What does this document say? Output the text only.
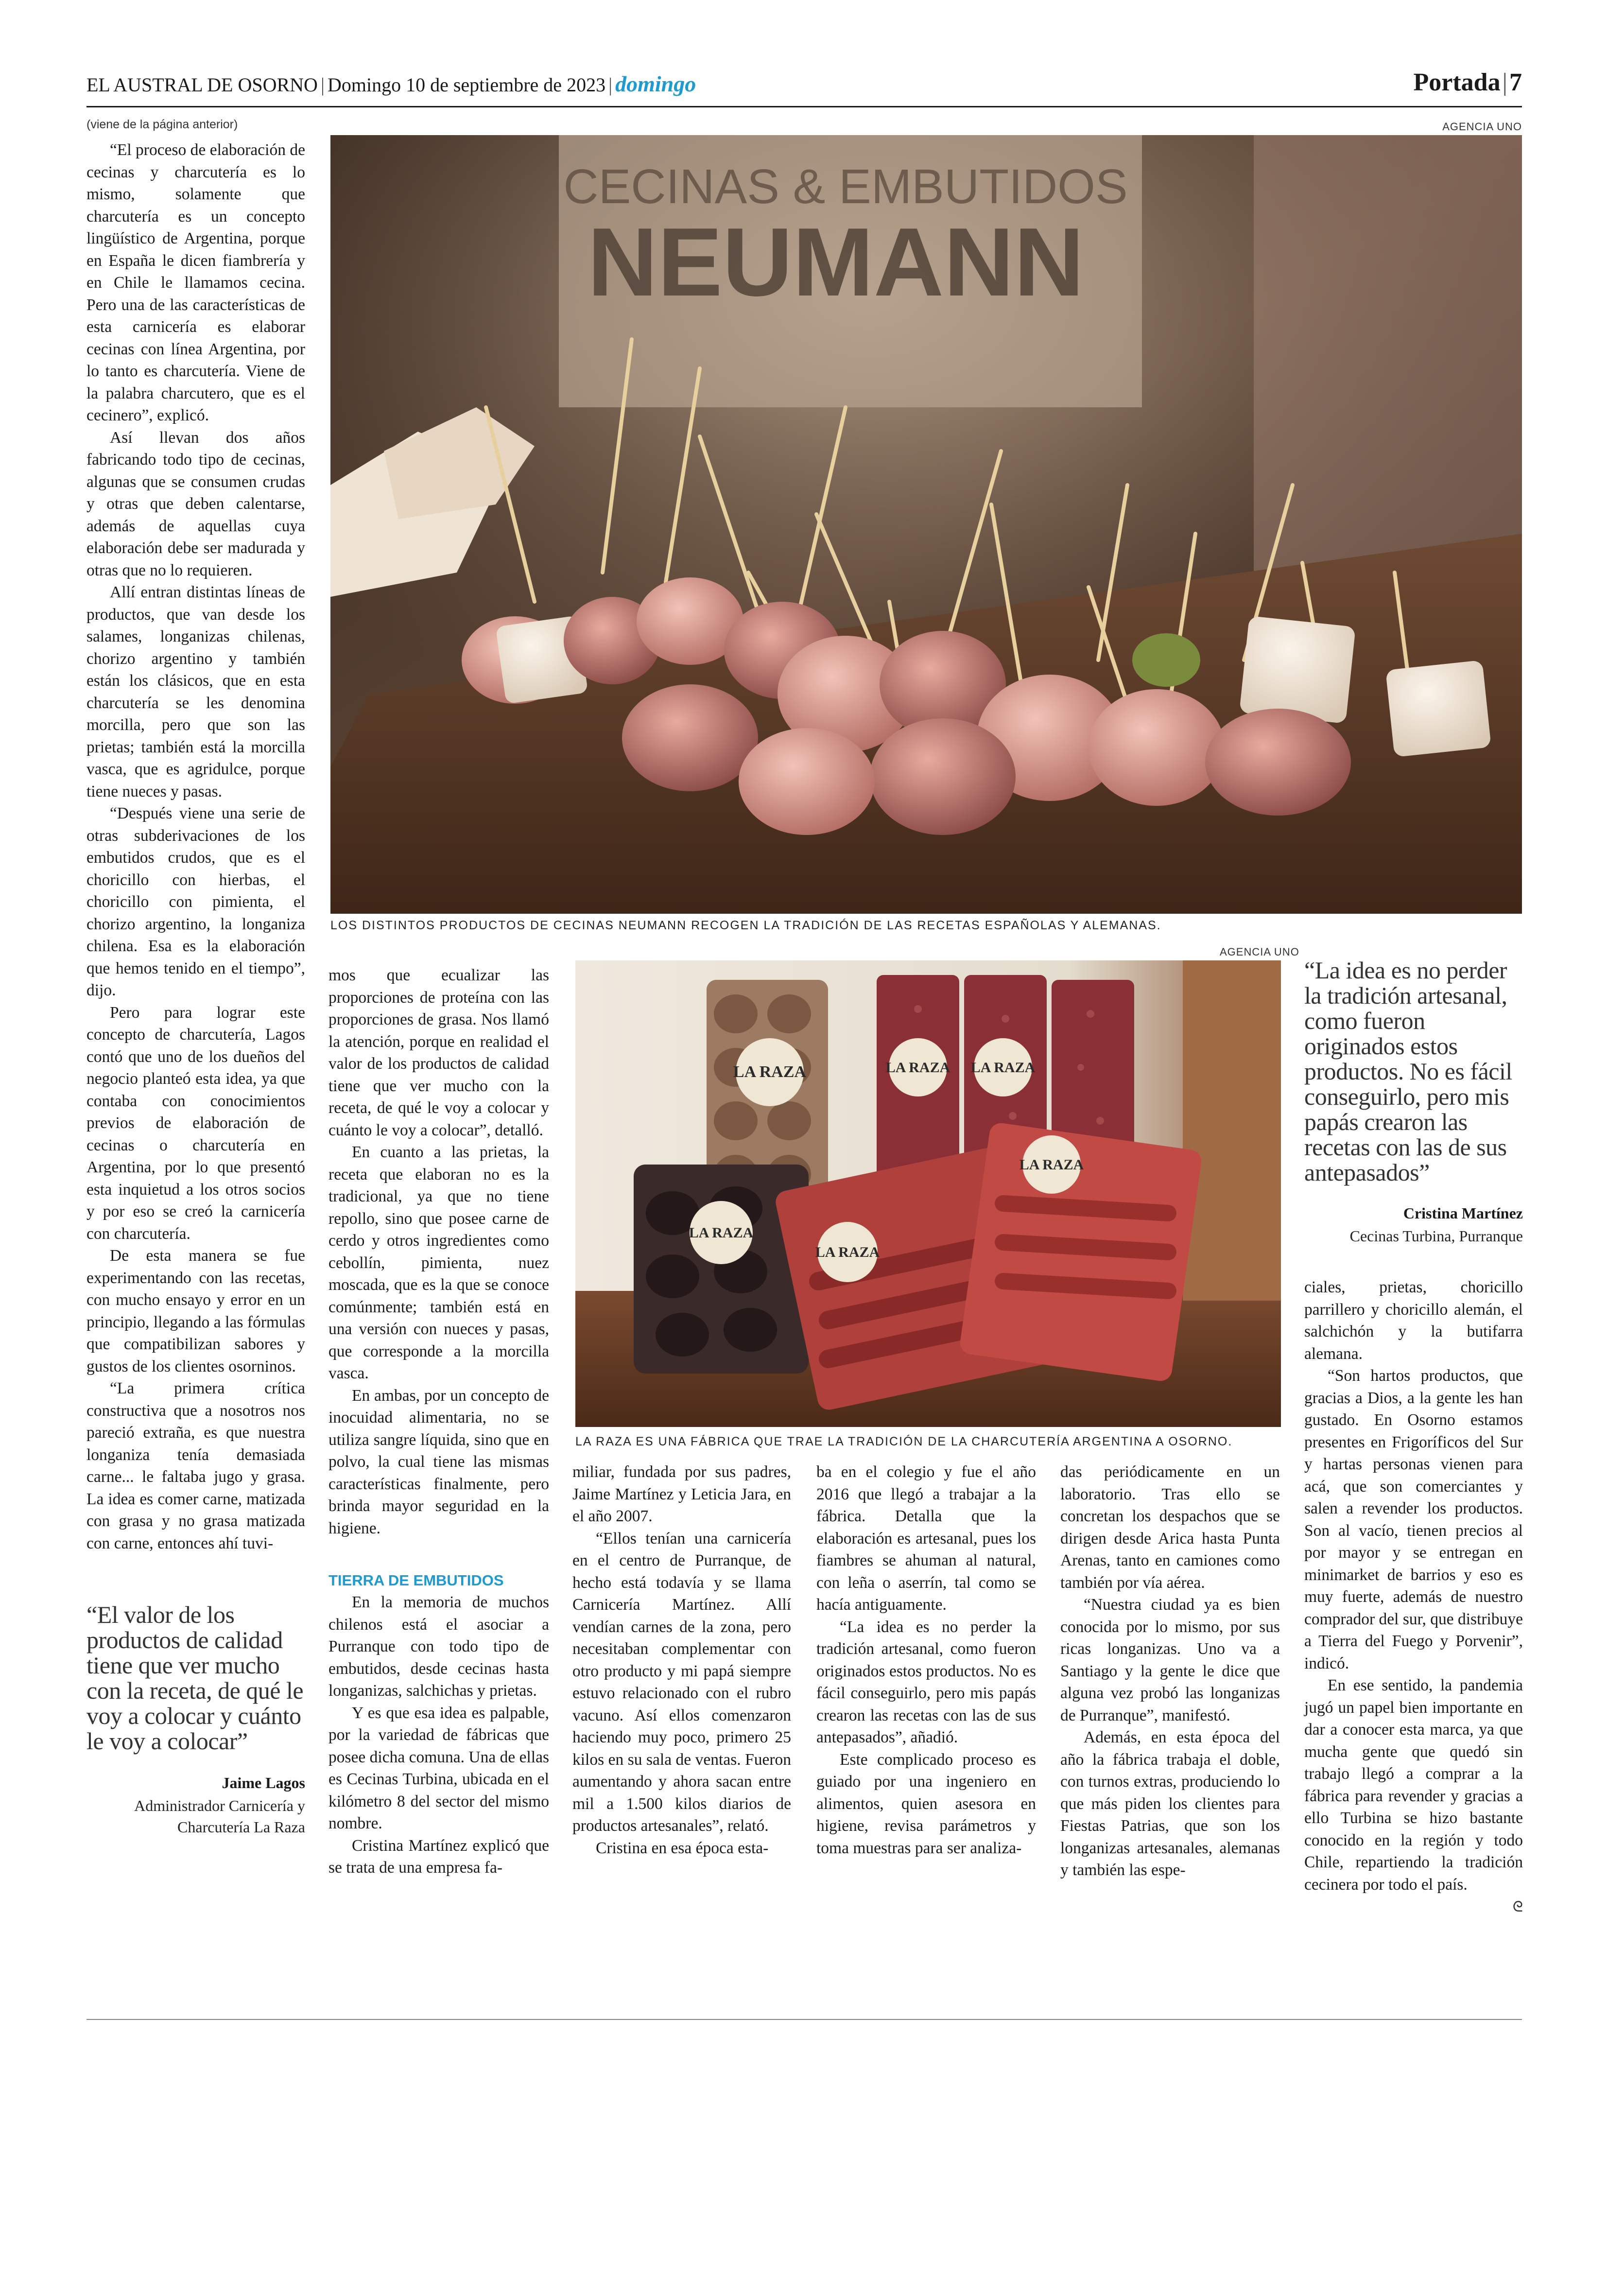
EL AUSTRAL DE OSORNO | Domingo 10 de septiembre de 2023 | domingo	Portada|7
(viene de la página anterior)	AGENCIA UNO
CECINAS & EMBUTIDOS
NEUMANN
LOS DISTINTOS PRODUCTOS DE CECINAS NEUMANN RECOGEN LA TRADICIÓN DE LAS RECETAS ESPAÑOLAS Y ALEMANAS.
AGENCIA UNO
LA RAZA	LA RAZA LA RAZA
LA RAZA
LA RAZA
LA RAZA
LA RAZA ES UNA FÁBRICA QUE TRAE LA TRADICIÓN DE LA CHARCUTERÍA ARGENTINA A OSORNO.

“El proceso de elaboración de cecinas y charcutería es lo mismo, solamente que charcutería es un concepto lingüístico de Argentina, porque en España le dicen fiambrería y en Chile le llamamos cecina. Pero una de las características de esta carnicería es elaborar cecinas con línea Argentina, por lo tanto es charcutería. Viene de la palabra charcutero, que es el cecinero”, explicó.

Así llevan dos años fabricando todo tipo de cecinas, algunas que se consumen crudas y otras que deben calentarse, además de aquellas cuya elaboración debe ser madurada y otras que no lo requieren.

Allí entran distintas líneas de productos, que van desde los salames, longanizas chilenas, chorizo argentino y también están los clásicos, que en esta charcutería se les denomina morcilla, pero que son las prietas; también está la morcilla vasca, que es agridulce, porque tiene nueces y pasas.

“Después viene una serie de otras subderivaciones de los embutidos crudos, que es el choricillo con hierbas, el choricillo con pimienta, el chorizo argentino, la longaniza chilena. Esa es la elaboración que hemos tenido en el tiempo”, dijo.

Pero para lograr este concepto de charcutería, Lagos contó que uno de los dueños del negocio planteó esta idea, ya que contaba con conocimientos previos de elaboración de cecinas o charcutería en Argentina, por lo que presentó esta inquietud a los otros socios y por eso se creó la carnicería con charcutería.

De esta manera se fue experimentando con las recetas, con mucho ensayo y error en un principio, llegando a las fórmulas que compatibilizan sabores y gustos de los clientes osorninos.

“La primera crítica constructiva que a nosotros nos pareció extraña, es que nuestra longaniza tenía demasiada carne... le faltaba jugo y grasa. La idea es comer carne, matizada con grasa y no grasa matizada con carne, entonces ahí tuvi-

“El valor de los productos de calidad tiene que ver mucho con la receta, de qué le voy a colocar y cuánto le voy a colocar”
Jaime Lagos
Administrador Carnicería y Charcutería La Raza

mos que ecualizar las proporciones de proteína con las proporciones de grasa. Nos llamó la atención, porque en realidad el valor de los productos de calidad tiene que ver mucho con la receta, de qué le voy a colocar y cuánto le voy a colocar”, detalló.

En cuanto a las prietas, la receta que elaboran no es la tradicional, ya que no tiene repollo, sino que posee carne de cerdo y otros ingredientes como cebollín, pimienta, nuez moscada, que es la que se conoce comúnmente; también está en una versión con nueces y pasas, que corresponde a la morcilla vasca.

En ambas, por un concepto de inocuidad alimentaria, no se utiliza sangre líquida, sino que en polvo, la cual tiene las mismas características finalmente, pero brinda mayor seguridad en la higiene.

TIERRA DE EMBUTIDOS

En la memoria de muchos chilenos está el asociar a Purranque con todo tipo de embutidos, desde cecinas hasta longanizas, salchichas y prietas.

Y es que esa idea es palpable, por la variedad de fábricas que posee dicha comuna. Una de ellas es Cecinas Turbina, ubicada en el kilómetro 8 del sector del mismo nombre.

Cristina Martínez explicó que se trata de una empresa fa-

miliar, fundada por sus padres, Jaime Martínez y Leticia Jara, en el año 2007.

“Ellos tenían una carnicería en el centro de Purranque, de hecho está todavía y se llama Carnicería Martínez. Allí vendían carnes de la zona, pero necesitaban complementar con otro producto y mi papá siempre estuvo relacionado con el rubro vacuno. Así ellos comenzaron haciendo muy poco, primero 25 kilos en su sala de ventas. Fueron aumentando y ahora sacan entre mil a 1.500 kilos diarios de productos artesanales”, relató.

Cristina en esa época esta-

ba en el colegio y fue el año 2016 que llegó a trabajar a la fábrica. Detalla que la elaboración es artesanal, pues los fiambres se ahuman al natural, con leña o aserrín, tal como se hacía antiguamente.

“La idea es no perder la tradición artesanal, como fueron originados estos productos. No es fácil conseguirlo, pero mis papás crearon las recetas con las de sus antepasados”, añadió.

Este complicado proceso es guiado por una ingeniero en alimentos, quien asesora en higiene, revisa parámetros y toma muestras para ser analiza-

das periódicamente en un laboratorio. Tras ello se concretan los despachos que se dirigen desde Arica hasta Punta Arenas, tanto en camiones como también por vía aérea.

“Nuestra ciudad ya es bien conocida por lo mismo, por sus ricas longanizas. Uno va a Santiago y la gente le dice que alguna vez probó las longanizas de Purranque”, manifestó.

Además, en esta época del año la fábrica trabaja el doble, con turnos extras, produciendo lo que más piden los clientes para Fiestas Patrias, que son los longanizas artesanales, alemanas y también las espe-

“La idea es no perder la tradición artesanal, como fueron originados estos productos. No es fácil conseguirlo, pero mis papás crearon las recetas con las de sus antepasados”
Cristina Martínez
Cecinas Turbina, Purranque

ciales, prietas, choricillo parrillero y choricillo alemán, el salchichón y la butifarra alemana.

“Son hartos productos, que gracias a Dios, a la gente les han gustado. En Osorno estamos presentes en Frigoríficos del Sur y hartas personas vienen para acá, que son comerciantes y salen a revender los productos. Son al vacío, tienen precios al por mayor y se entregan en minimarket de barrios y eso es muy fuerte, además de nuestro comprador del sur, que distribuye a Tierra del Fuego y Porvenir”, indicó.

En ese sentido, la pandemia jugó un papel bien importante en dar a conocer esta marca, ya que mucha gente que quedó sin trabajo llegó a comprar a la fábrica para revender y gracias a ello Turbina se hizo bastante conocido en la región y todo Chile, repartiendo la tradición cecinera por todo el país.

ᘓ
